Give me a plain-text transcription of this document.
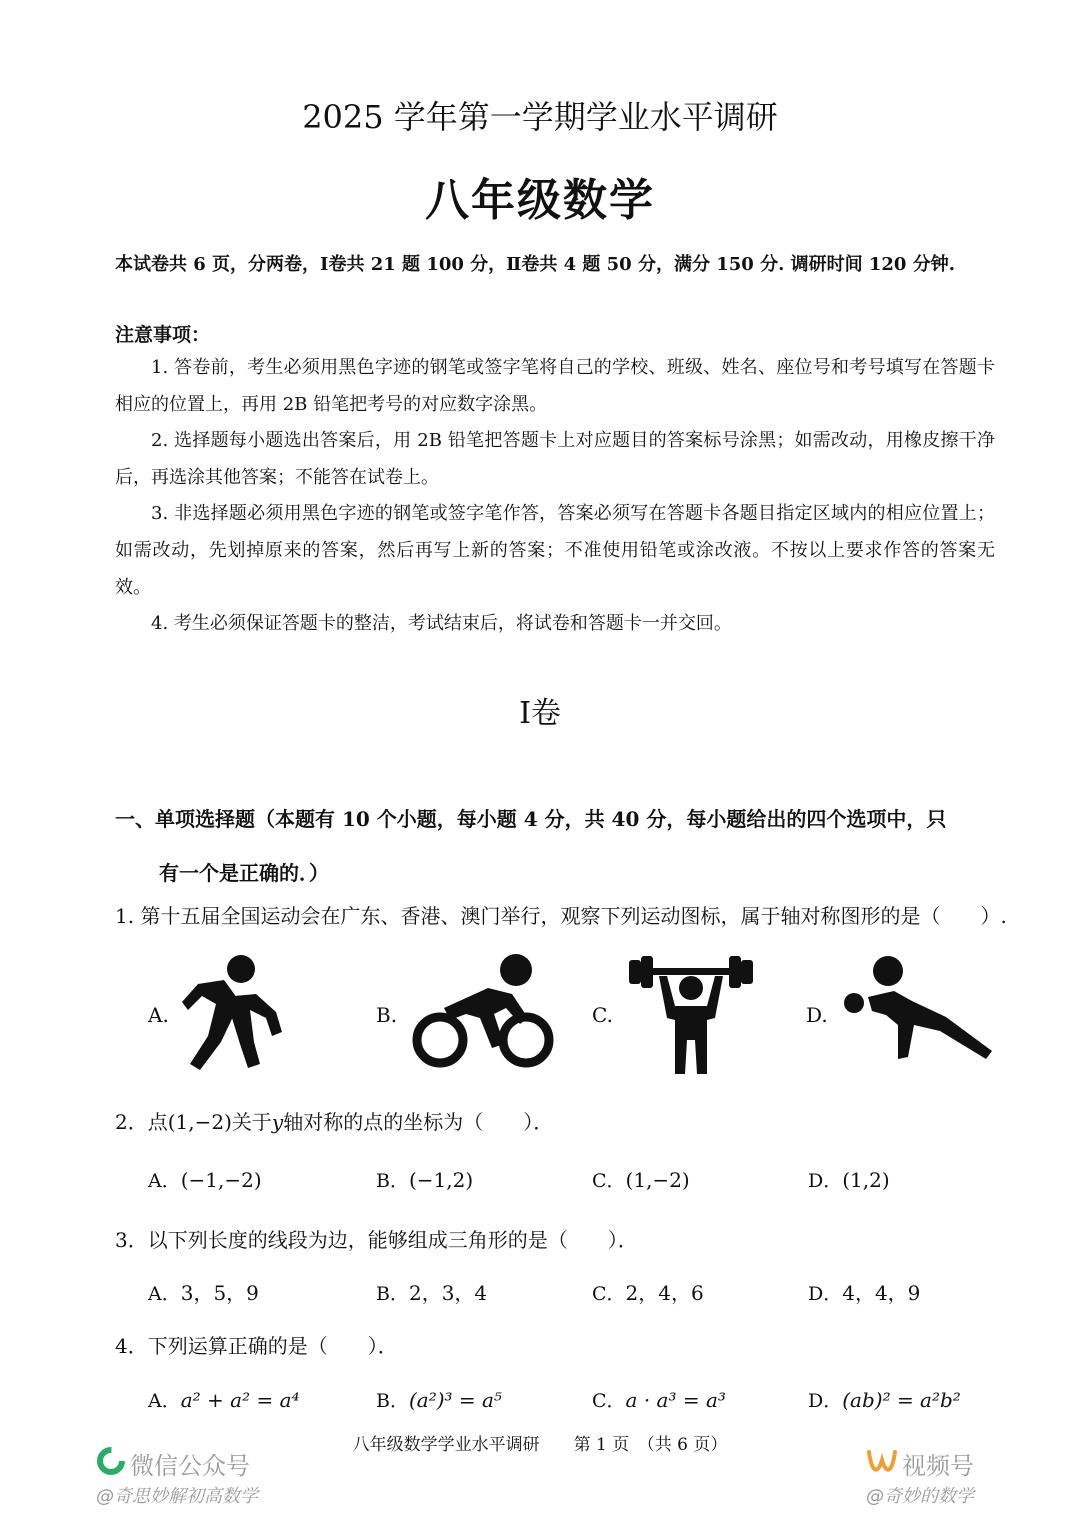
2025 学年第一学期学业水平调研
八年级数学
本试卷共 6 页，分两卷，Ⅰ卷共 21 题 100 分，Ⅱ卷共 4 题 50 分，满分 150 分. 调研时间 120 分钟.
注意事项：

1. 答卷前，考生必须用黑色字迹的钢笔或签字笔将自己的学校、班级、姓名、座位号和考号填写在答题卡相应的位置上，再用 2B 铅笔把考号的对应数字涂黑。

2. 选择题每小题选出答案后，用 2B 铅笔把答题卡上对应题目的答案标号涂黑；如需改动，用橡皮擦干净后，再选涂其他答案；不能答在试卷上。

3. 非选择题必须用黑色字迹的钢笔或签字笔作答，答案必须写在答题卡各题目指定区域内的相应位置上；如需改动，先划掉原来的答案，然后再写上新的答案；不准使用铅笔或涂改液。不按以上要求作答的答案无效。

4. 考生必须保证答题卡的整洁，考试结束后，将试卷和答题卡一并交回。

Ⅰ卷
一、单项选择题（本题有 10 个小题，每小题 4 分，共 40 分，每小题给出的四个选项中，只
有一个是正确的．）
1. 第十五届全国运动会在广东、香港、澳门举行，观察下列运动图标，属于轴对称图形的是（　　）.
A.	B.	C.	D.
2．点(1,−2)关于y轴对称的点的坐标为（　　）．
A．(−1,−2)	B．(−1,2)	C．(1,−2)	D．(1,2)
3．以下列长度的线段为边，能够组成三角形的是（　　）．
A．3，5，9	B．2，3，4	C．2，4，6	D．4，4，9
4．下列运算正确的是（　　）．
A．a² + a² = a⁴	B．(a²)³ = a⁵	C．a · a³ = a³	D．(ab)² = a²b²
八年级数学学业水平调研　　第 1 页　（共 6 页）
微信公众号
@奇思妙解初高数学
视频号
@奇妙的数学
